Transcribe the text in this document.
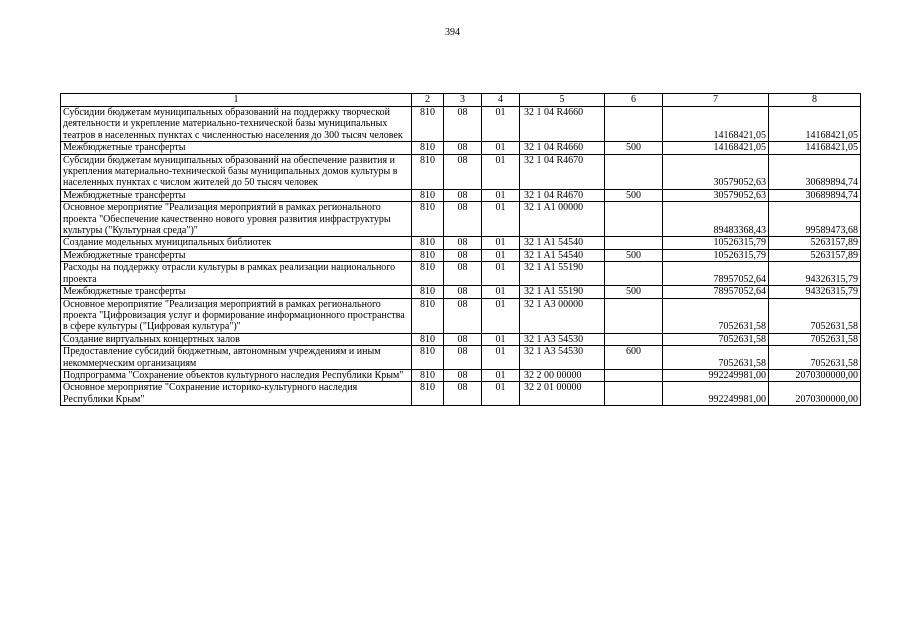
394
1	2	3	4	5	6	7	8
Субсидии бюджетам муниципальных образований на поддержку творческой деятельности и укрепление материально-технической базы муниципальных театров в населенных пунктах с численностью населения до 300 тысяч человек	810	08	01	32 1 04 R4660		14168421,05	14168421,05
Межбюджетные трансферты	810	08	01	32 1 04 R4660	500	14168421,05	14168421,05
Субсидии бюджетам муниципальных образований на обеспечение развития и укрепления материально-технической базы муниципальных домов культуры в населенных пунктах с числом жителей до 50 тысяч человек	810	08	01	32 1 04 R4670		30579052,63	30689894,74
Межбюджетные трансферты	810	08	01	32 1 04 R4670	500	30579052,63	30689894,74
Основное мероприятие "Реализация мероприятий в рамках регионального проекта "Обеспечение качественно нового уровня развития инфраструктуры культуры ("Культурная среда")"	810	08	01	32 1 A1 00000		89483368,43	99589473,68
Создание модельных муниципальных библиотек	810	08	01	32 1 A1 54540		10526315,79	5263157,89
Межбюджетные трансферты	810	08	01	32 1 A1 54540	500	10526315,79	5263157,89
Расходы на поддержку отрасли культуры в рамках реализации национального проекта	810	08	01	32 1 A1 55190		78957052,64	94326315,79
Межбюджетные трансферты	810	08	01	32 1 A1 55190	500	78957052,64	94326315,79
Основное мероприятие "Реализация мероприятий в рамках регионального проекта "Цифровизация услуг и формирование информационного пространства в сфере культуры ("Цифровая культура")"	810	08	01	32 1 A3 00000		7052631,58	7052631,58
Создание виртуальных концертных залов	810	08	01	32 1 A3 54530		7052631,58	7052631,58
Предоставление субсидий бюджетным, автономным учреждениям и иным некоммерческим организациям	810	08	01	32 1 A3 54530	600	7052631,58	7052631,58
Подпрограмма "Сохранение объектов культурного наследия Республики Крым"	810	08	01	32 2 00 00000		992249981,00	2070300000,00
Основное мероприятие "Сохранение историко-культурного наследия Республики Крым"	810	08	01	32 2 01 00000		992249981,00	2070300000,00
